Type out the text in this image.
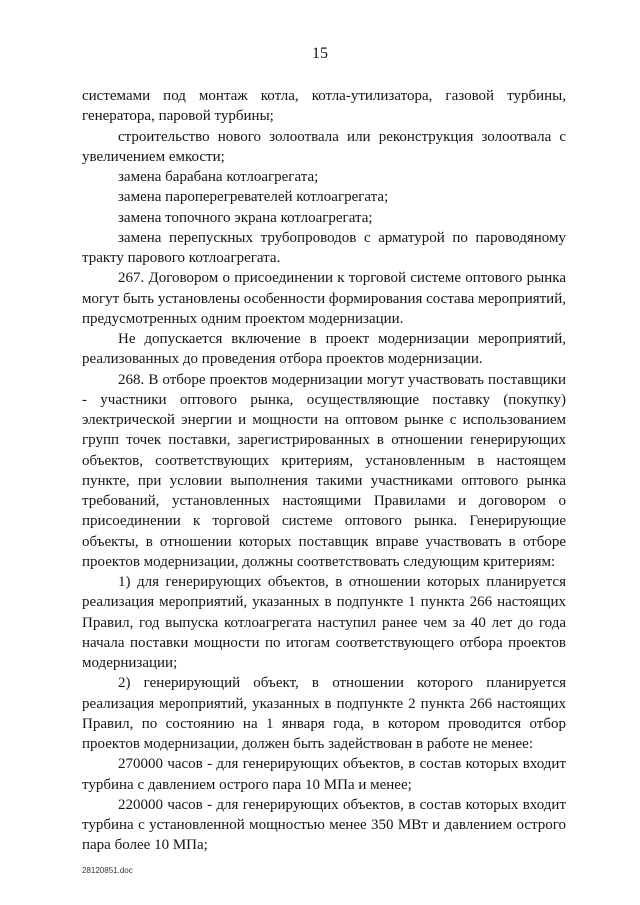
15

системами под монтаж котла, котла-утилизатора, газовой турбины, генератора, паровой турбины;

строительство нового золоотвала или реконструкция золоотвала с увеличением емкости;

замена барабана котлоагрегата;

замена пароперегревателей котлоагрегата;

замена топочного экрана котлоагрегата;

замена перепускных трубопроводов с арматурой по пароводяному тракту парового котлоагрегата.

267. Договором о присоединении к торговой системе оптового рынка могут быть установлены особенности формирования состава мероприятий, предусмотренных одним проектом модернизации.

Не допускается включение в проект модернизации мероприятий, реализованных до проведения отбора проектов модернизации.

268. В отборе проектов модернизации могут участвовать поставщики - участники оптового рынка, осуществляющие поставку (покупку) электрической энергии и мощности на оптовом рынке с использованием групп точек поставки, зарегистрированных в отношении генерирующих объектов, соответствующих критериям, установленным в настоящем пункте, при условии выполнения такими участниками оптового рынка требований, установленных настоящими Правилами и договором о присоединении к торговой системе оптового рынка. Генерирующие объекты, в отношении которых поставщик вправе участвовать в отборе проектов модернизации, должны соответствовать следующим критериям:

1) для генерирующих объектов, в отношении которых планируется реализация мероприятий, указанных в подпункте 1 пункта 266 настоящих Правил, год выпуска котлоагрегата наступил ранее чем за 40 лет до года начала поставки мощности по итогам соответствующего отбора проектов модернизации;

2) генерирующий объект, в отношении которого планируется реализация мероприятий, указанных в подпункте 2 пункта 266 настоящих Правил, по состоянию на 1 января года, в котором проводится отбор проектов модернизации, должен быть задействован в работе не менее:

270000 часов - для генерирующих объектов, в состав которых входит турбина с давлением острого пара 10 МПа и менее;

220000 часов - для генерирующих объектов, в состав которых входит турбина с установленной мощностью менее 350 МВт и давлением острого пара более 10 МПа;

28120851.doc
